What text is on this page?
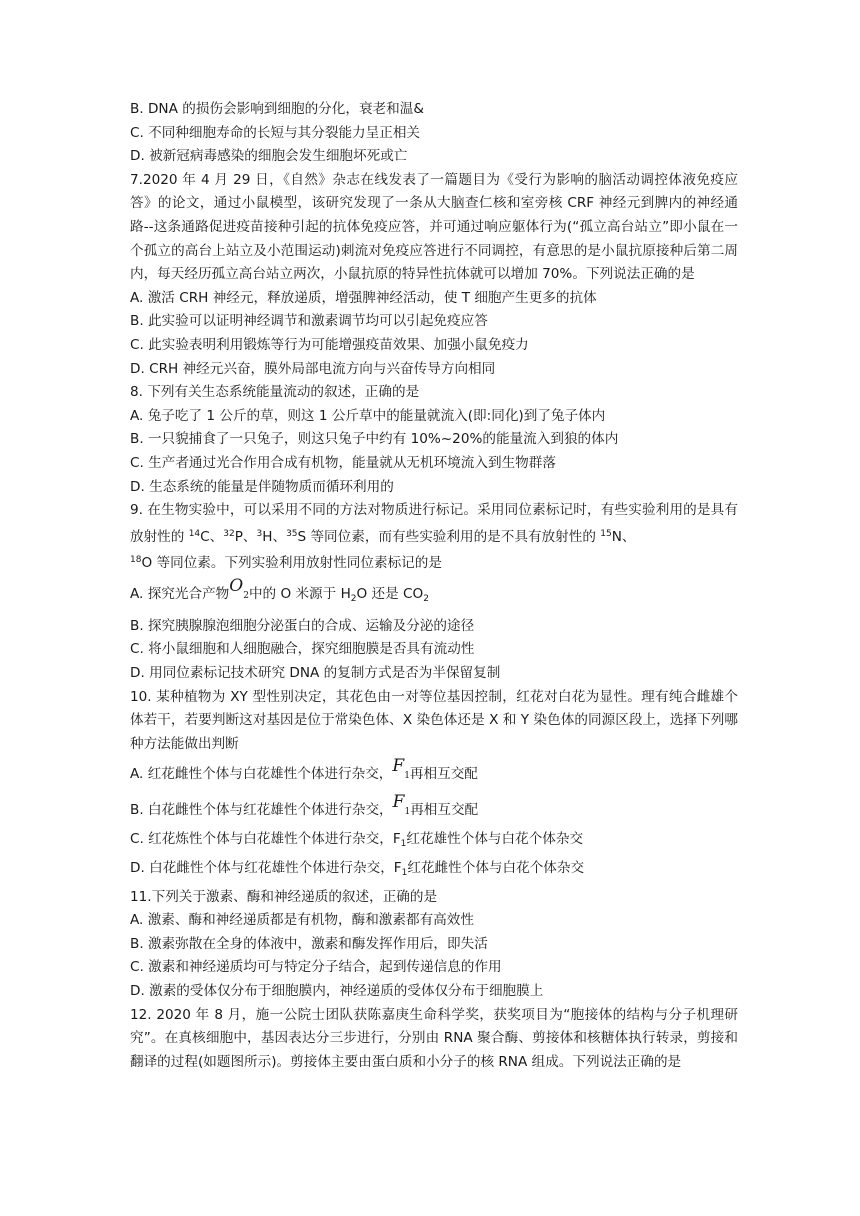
B. DNA 的损伤会影响到细胞的分化，衰老和温&
C. 不同种细胞寿命的长短与其分裂能力呈正相关
D. 被新冠病毒感染的细胞会发生细胞坏死或亡
7.2020 年 4 月 29 日，《自然》杂志在线发表了一篇题目为《受行为影响的脑活动调控体液免疫应答》的论文，通过小鼠模型，该研究发现了一条从大脑查仁核和室旁核 CRF 神经元到脾内的神经通路--这条通路促进疫苗接种引起的抗体免疫应答，并可通过响应躯体行为(“孤立高台站立”即小鼠在一个孤立的高台上站立及小范围运动)刺流对免疫应答进行不同调控，有意思的是小鼠抗原接种后第二周内，每天经历孤立高台站立两次，小鼠抗原的特异性抗体就可以增加 70%。下列说法正确的是
A. 激活 CRH 神经元，释放递质，增强脾神经活动，使 T 细胞产生更多的抗体
B. 此实验可以证明神经调节和激素调节均可以引起免疫应答
C. 此实验表明利用锻炼等行为可能增强疫苗效果、加强小鼠免疫力
D. CRH 神经元兴奋，膜外局部电流方向与兴奋传导方向相同
8. 下列有关生态系统能量流动的叙述，正确的是
A. 兔子吃了 1 公斤的草，则这 1 公斤草中的能量就流入(即:同化)到了兔子体内
B. 一只貌捕食了一只兔子，则这只兔子中约有 10%~20%的能量流入到狼的体内
C. 生产者通过光合作用合成有机物，能量就从无机环境流入到生物群落
D. 生态系统的能量是伴随物质而循环利用的
9. 在生物实验中，可以采用不同的方法对物质进行标记。采用同位素标记时，有些实验利用的是具有放射性的 $^{14}$C、$^{32}$P、$^3$H、$^{35}$S 等同位素，而有些实验利用的是不具有放射性的 $^{15}$N、
$^{18}$O 等同位素。下列实验利用放射性同位素标记的是
A. 探究光合产物$O_2$中的 O 米源于 $H_2O$ 还是 $CO_2$
B. 探究胰腺腺泡细胞分泌蛋白的合成、运输及分泌的途径
C. 将小鼠细胞和人细胞融合，探究细胞膜是否具有流动性
D. 用同位素标记技术研究 DNA 的复制方式是否为半保留复制
10. 某种植物为 XY 型性别决定，其花色由一对等位基因控制，红花对白花为显性。理有纯合雌雄个体若干，若要判断这对基因是位于常染色体、X 染色体还是 X 和 Y 染色体的同源区段上，选择下列哪种方法能做出判断
A. 红花雌性个体与白花雄性个体进行杂交，$F_1$再相互交配
B. 白花雌性个体与红花雄性个体进行杂交，$F_1$再相互交配
C. 红花炼性个体与白花雄性个体进行杂交，$F_1$红花雄性个体与白花个体杂交
D. 白花雌性个体与红花雄性个体进行杂交，$F_1$红花雌性个体与白花个体杂交
11.下列关于激素、酶和神经递质的叙述，正确的是
A. 激素、酶和神经递质都是有机物，酶和激素都有高效性
B. 激素弥散在全身的体液中，激素和酶发挥作用后，即失活
C. 激素和神经递质均可与特定分子结合，起到传递信息的作用
D. 激素的受体仅分布于细胞膜内，神经递质的受体仅分布于细胞膜上
12. 2020 年 8 月，施一公院士团队获陈嘉庚生命科学奖，获奖项目为“胞接体的结构与分子机理研究”。在真核细胞中，基因表达分三步进行，分别由 RNA 聚合酶、剪接体和核糖体执行转录，剪接和翻译的过程(如题图所示)。剪接体主要由蛋白质和小分子的核 RNA 组成。下列说法正确的是
